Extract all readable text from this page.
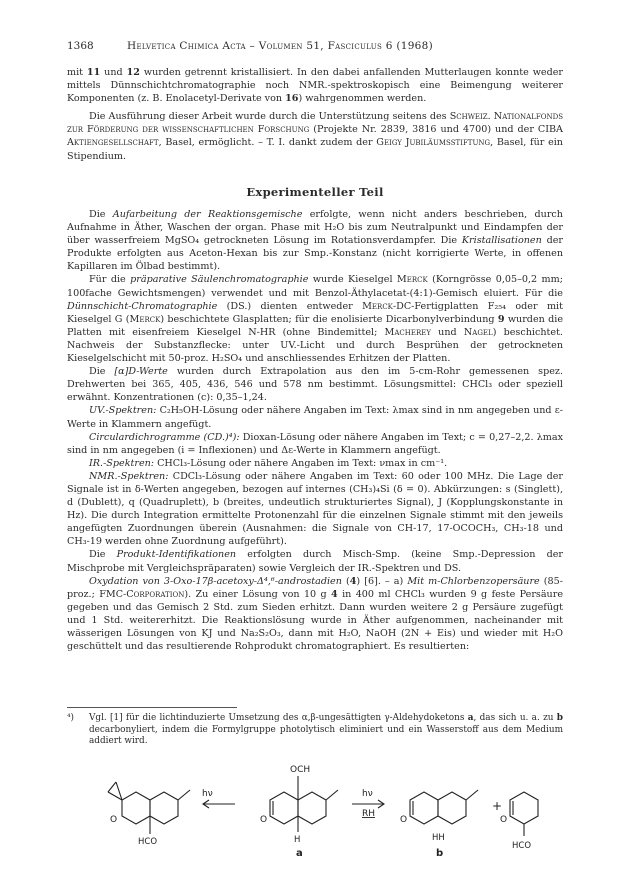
1368	Helvetica Chimica Acta – Volumen 51, Fasciculus 6 (1968)

mit 11 und 12 wurden getrennt kristallisiert. In den dabei anfallenden Mutterlaugen konnte weder mittels Dünnschichtchromatographie noch NMR.-spektroskopisch eine Beimengung weiterer Komponenten (z. B. Enolacetyl-Derivate von 16) wahrgenommen werden.

Die Ausführung dieser Arbeit wurde durch die Unterstützung seitens des Schweiz. Nationalfonds zur Förderung der wissenschaftlichen Forschung (Projekte Nr. 2839, 3816 und 4700) und der CIBA Aktiengesellschaft, Basel, ermöglicht. – T. I. dankt zudem der Geigy Jubiläumsstiftung, Basel, für ein Stipendium.

Experimenteller Teil

Die Aufarbeitung der Reaktionsgemische erfolgte, wenn nicht anders beschrieben, durch Aufnahme in Äther, Waschen der organ. Phase mit H₂O bis zum Neutralpunkt und Eindampfen der über wasserfreiem MgSO₄ getrockneten Lösung im Rotationsverdampfer. Die Kristallisationen der Produkte erfolgten aus Aceton-Hexan bis zur Smp.-Konstanz (nicht korrigierte Werte, in offenen Kapillaren im Ölbad bestimmt).

Für die präparative Säulenchromatographie wurde Kieselgel Merck (Korngrösse 0,05–0,2 mm; 100fache Gewichtsmengen) verwendet und mit Benzol-Äthylacetat-(4:1)-Gemisch eluiert. Für die Dünnschicht-Chromatographie (DS.) dienten entweder Merck-DC-Fertigplatten F₂₅₄ oder mit Kieselgel G (Merck) beschichtete Glasplatten; für die enolisierte Dicarbonylverbindung 9 wurden die Platten mit eisenfreiem Kieselgel N-HR (ohne Bindemittel; Macherey und Nagel) beschichtet. Nachweis der Substanzflecke: unter UV.-Licht und durch Besprühen der getrockneten Kieselgelschicht mit 50-proz. H₂SO₄ und anschliessendes Erhitzen der Platten.

Die [α]D-Werte wurden durch Extrapolation aus den im 5-cm-Rohr gemessenen spez. Drehwerten bei 365, 405, 436, 546 und 578 nm bestimmt. Lösungsmittel: CHCl₃ oder speziell erwähnt. Konzentrationen (c): 0,35–1,24.

UV.-Spektren: C₂H₅OH-Lösung oder nähere Angaben im Text: λmax sind in nm angegeben und ε-Werte in Klammern angefügt.

Circulardichrogramme (CD.)⁴): Dioxan-Lösung oder nähere Angaben im Text; c = 0,27–2,2. λmax sind in nm angegeben (i = Inflexionen) und Δε-Werte in Klammern angefügt.

IR.-Spektren: CHCl₃-Lösung oder nähere Angaben im Text: νmax in cm⁻¹.

NMR.-Spektren: CDCl₃-Lösung oder nähere Angaben im Text: 60 oder 100 MHz. Die Lage der Signale ist in δ-Werten angegeben, bezogen auf internes (CH₃)₄Si (δ = 0). Abkürzungen: s (Singlett), d (Dublett), q (Quadruplett), b (breites, undeutlich strukturiertes Signal), J (Kopplungskonstante in Hz). Die durch Integration ermittelte Protonenzahl für die einzelnen Signale stimmt mit den jeweils angefügten Zuordnungen überein (Ausnahmen: die Signale von CH-17, 17-OCOCH₃, CH₃-18 und CH₃-19 werden ohne Zuordnung aufgeführt).

Die Produkt-Identifikationen erfolgten durch Misch-Smp. (keine Smp.-Depression der Mischprobe mit Vergleichspräparaten) sowie Vergleich der IR.-Spektren und DS.

Oxydation von 3-Oxo-17β-acetoxy-Δ⁴,⁶-androstadien (4) [6]. – a) Mit m-Chlorbenzopersäure (85-proz.; FMC-Corporation). Zu einer Lösung von 10 g 4 in 400 ml CHCl₃ wurden 9 g feste Persäure gegeben und das Gemisch 2 Std. zum Sieden erhitzt. Dann wurden weitere 2 g Persäure zugefügt und 1 Std. weitererhitzt. Die Reaktionslösung wurde in Äther aufgenommen, nacheinander mit wässerigen Lösungen von KJ und Na₂S₂O₃, dann mit H₂O, NaOH (2N + Eis) und wieder mit H₂O geschüttelt und das resultierende Rohprodukt chromatographiert. Es resultierten:

⁴) Vgl. [1] für die lichtinduzierte Umsetzung des α,β-ungesättigten γ-Aldehydoketons a, das sich u. a. zu b decarbonyliert, indem die Formylgruppe photolytisch eliminiert und ein Wasserstoff aus dem Medium addiert wird.
hν	hν
RH
+
OCH
HCO	HCO
H	HH
O	O	O	O
a	b
